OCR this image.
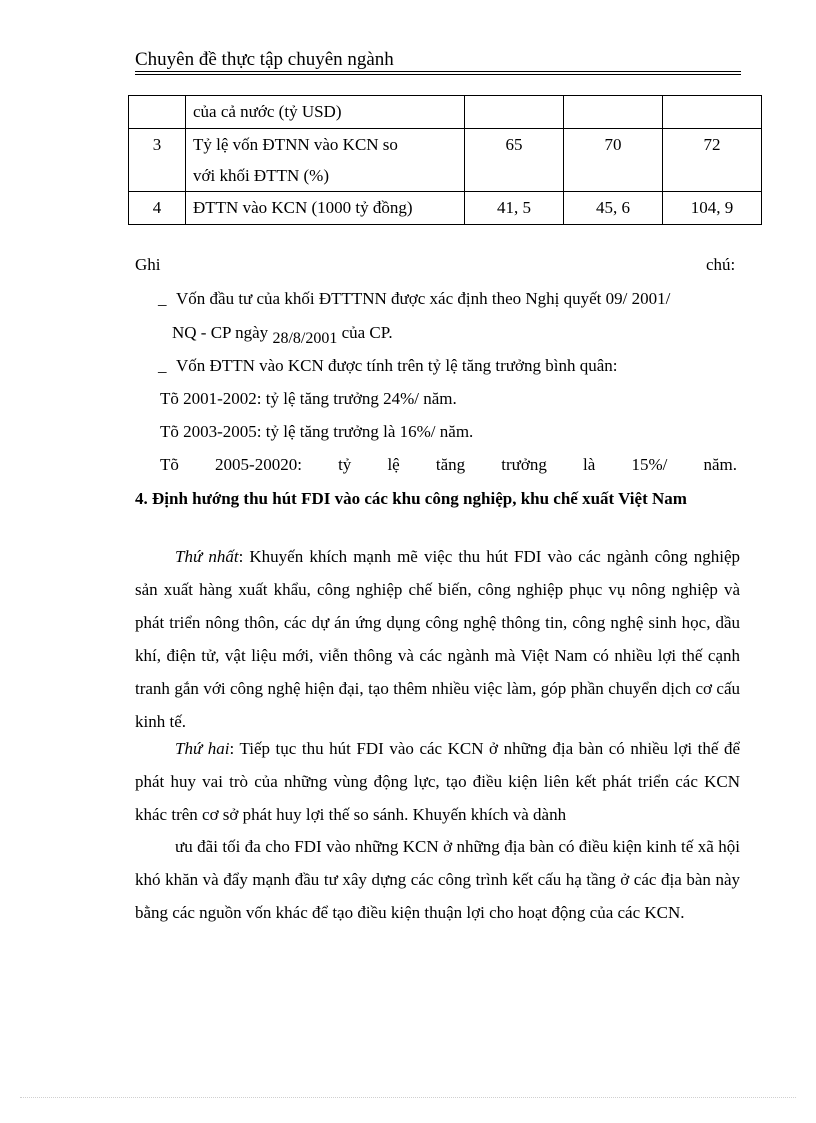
Chuyên đề thực tập chuyên ngành

	của cả nước (tỷ USD)			

3	Tỷ lệ vốn ĐTNN vào KCN so
với khối ĐTTN (%)	65	70	72
4	ĐTTN vào KCN (1000 tỷ đồng)	41, 5	45, 6	104, 9
Ghi	chú:
_ Vốn đầu tư của khối ĐTTTNN được xác định theo Nghị quyết 09/ 2001/
NQ - CP ngày 28/8/2001 của CP.
_ Vốn ĐTTN vào KCN được tính trên tỷ lệ tăng trưởng bình quân:
Tõ 2001-2002: tỷ lệ tăng trưởng 24%/ năm.
Tõ 2003-2005: tỷ lệ tăng trưởng là 16%/ năm.
Tõ 2005-20020: tỷ lệ tăng trưởng là 15%/ năm.

4. Định hướng thu hút FDI vào các khu công nghiệp, khu chế xuất Việt Nam

Thứ nhất: Khuyến khích mạnh mẽ việc thu hút FDI vào các ngành công nghiệp sản xuất hàng xuất khẩu, công nghiệp chế biến, công nghiệp phục vụ nông nghiệp và phát triển nông thôn, các dự án ứng dụng công nghệ thông tin, công nghệ sinh học, dầu khí, điện tử, vật liệu mới, viễn thông và các ngành mà Việt Nam có nhiều lợi thế cạnh tranh gắn với công nghệ hiện đại, tạo thêm nhiều việc làm, góp phần chuyển dịch cơ cấu kinh tế.

Thứ hai: Tiếp tục thu hút FDI vào các KCN ở những địa bàn có nhiều lợi thế để phát huy vai trò của những vùng động lực, tạo điều kiện liên kết phát triển các KCN khác trên cơ sở phát huy lợi thế so sánh. Khuyến khích và dành

ưu đãi tối đa cho FDI vào những KCN ở những địa bàn có điều kiện kinh tế xã hội khó khăn và đẩy mạnh đầu tư xây dựng các công trình kết cấu hạ tầng ở các địa bàn này bằng các nguồn vốn khác để tạo điều kiện thuận lợi cho hoạt động của các KCN.
